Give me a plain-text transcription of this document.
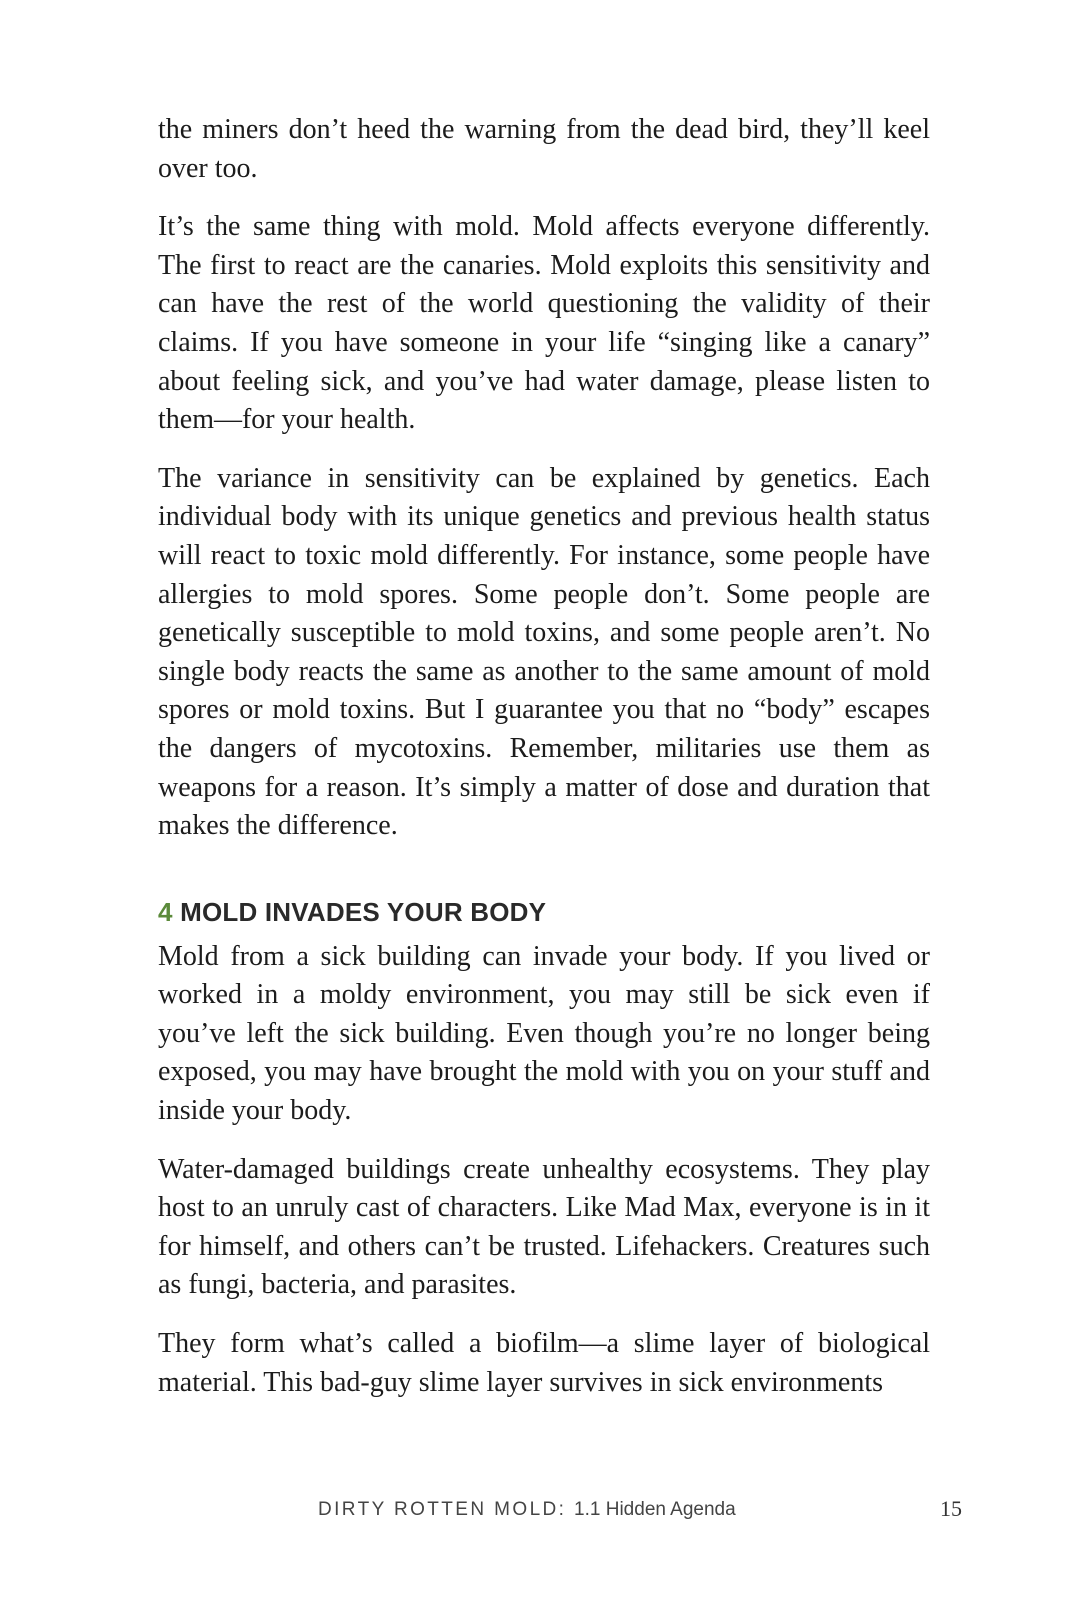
the miners don’t heed the warning from the dead bird, they’ll keel over too.

It’s the same thing with mold. Mold affects everyone differently. The first to react are the canaries. Mold exploits this sensitivity and can have the rest of the world questioning the validity of their claims. If you have someone in your life “singing like a canary” about feeling sick, and you’ve had water damage, please listen to them—for your health.

The variance in sensitivity can be explained by genetics. Each individual body with its unique genetics and previous health status will react to toxic mold differently. For instance, some people have allergies to mold spores. Some people don’t. Some people are genetically susceptible to mold toxins, and some people aren’t. No single body reacts the same as another to the same amount of mold spores or mold toxins. But I guarantee you that no “body” escapes the dangers of mycotoxins. Remember, militaries use them as weapons for a reason. It’s simply a matter of dose and duration that makes the difference.

4 MOLD INVADES YOUR BODY

Mold from a sick building can invade your body. If you lived or worked in a moldy environment, you may still be sick even if you’ve left the sick building. Even though you’re no longer being exposed, you may have brought the mold with you on your stuff and inside your body.

Water-damaged buildings create unhealthy ecosystems. They play host to an unruly cast of characters. Like Mad Max, everyone is in it for himself, and others can’t be trusted. Lifehackers. Creatures such as fungi, bacteria, and parasites.

They form what’s called a biofilm—a slime layer of biological material. This bad-guy slime layer survives in sick environments

DIRTY ROTTEN MOLD: 1.1 Hidden Agenda	15
